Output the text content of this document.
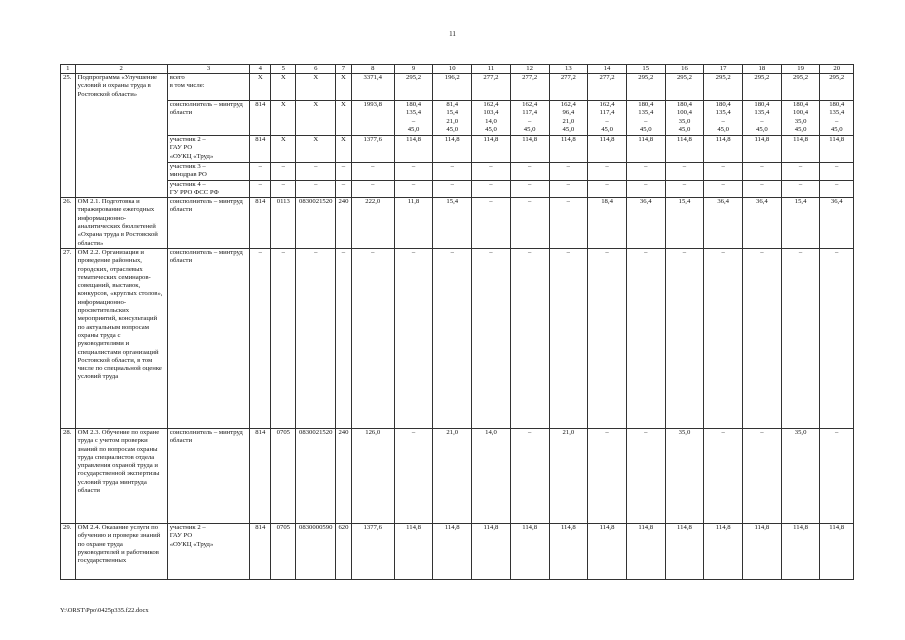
11
1	2	3	4	5	6	7	8	9	10	11	12	13	14	15	16	17	18	19	20
25.	Подпрограмма «Улучшение условий и охраны труда в Ростовской области»	всего
в том числе:	X	X	X	X	3371,4	295,2	196,2	277,2	277,2	277,2	277,2	295,2	295,2	295,2	295,2	295,2	295,2
		соисполнитель – минтруд области	814	X	X	X	1993,8	180,4
135,4
–
45,0	81,4
15,4
21,0
45,0	162,4
103,4
14,0
45,0	162,4
117,4
–
45,0	162,4
96,4
21,0
45,0	162,4
117,4
–
45,0	180,4
135,4
–
45,0	180,4
100,4
35,0
45,0	180,4
135,4
–
45,0	180,4
135,4
–
45,0	180,4
100,4
35,0
45,0	180,4
135,4
–
45,0
		участник 2 –
ГАУ РО
«ОУКЦ «Труд»	814	X	X	X	1377,6	114,8	114,8	114,8	114,8	114,8	114,8	114,8	114,8	114,8	114,8	114,8	114,8
		участник 3 –
минздрав РО	–	–	–	–	–	–	–	–	–	–	–	–	–	–	–	–	–
		участник 4 –
ГУ РРО ФСС РФ	–	–	–	–	–	–	–	–	–	–	–	–	–	–	–	–	–
26.	ОМ 2.1. Подготовка и тиражирование ежегодных информационно-аналитических бюллетеней «Охрана труда в Ростовской области»	соисполнитель – минтруд области	814	0113	0830021520	240	222,0	11,8	15,4	–	–	–	18,4	36,4	15,4	36,4	36,4	15,4	36,4
27.	ОМ 2.2. Организация и проведение районных, городских, отраслевых тематических семинаров-совещаний, выставок, конкурсов, «круглых столов», информационно-просветительских мероприятий, консультаций по актуальным вопросам охраны труда с руководителями и специалистами организаций Ростовской области, в том числе по специальной оценке условий труда	соисполнитель – минтруд области	–	–	–	–	–	–	–	–	–	–	–	–	–	–	–	–	–
28.	ОМ 2.3. Обучение по охране труда с учетом проверки знаний по вопросам охраны труда специалистов отдела управления охраной труда и государственной экспертизы условий труда минтруда области	соисполнитель – минтруд области	814	0705	0830021520	240	126,0	–	21,0	14,0	–	21,0	–	–	35,0	–	–	35,0	–
29.	ОМ 2.4. Оказание услуги по обучению и проверке знаний по охране труда руководителей и работников государственных	участник 2 –
ГАУ РО
«ОУКЦ «Труд»	814	0705	0830000590	620	1377,6	114,8	114,8	114,8	114,8	114,8	114,8	114,8	114,8	114,8	114,8	114,8	114,8
Y:\ORST\Ppo\0425p335.f22.docx
